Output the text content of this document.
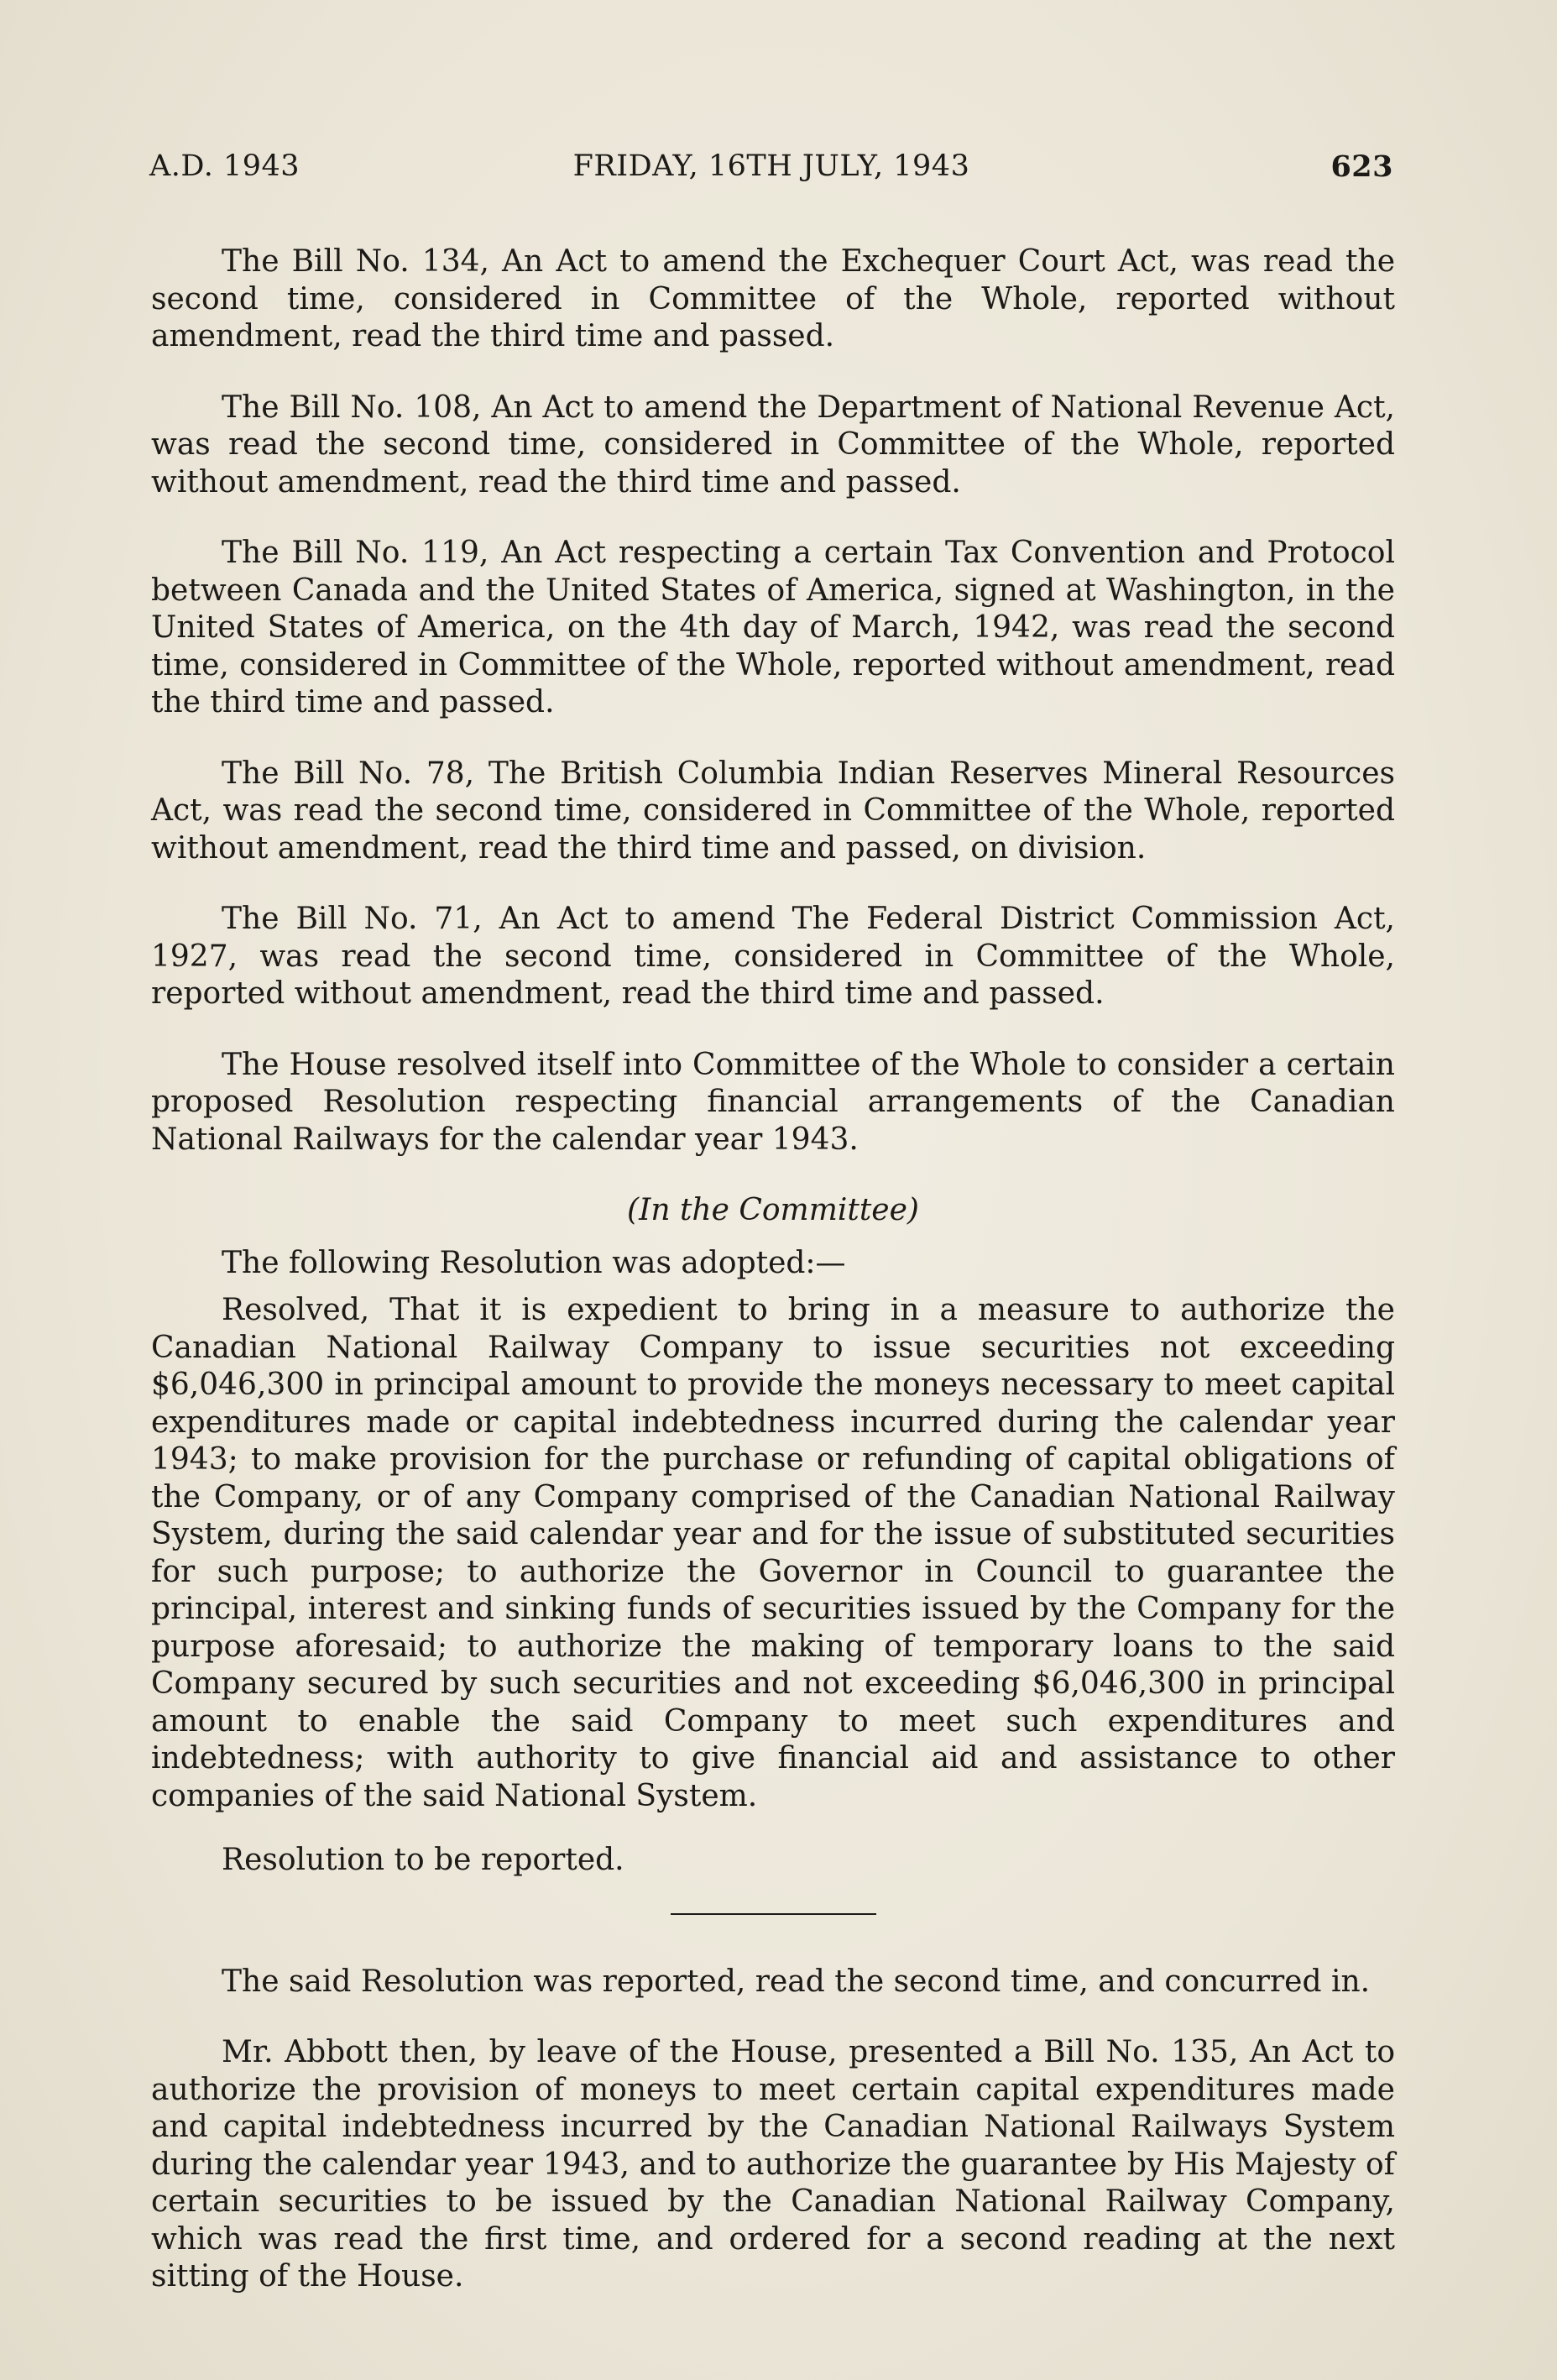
A.D. 1943	FRIDAY, 16TH JULY, 1943	623

The Bill No. 134, An Act to amend the Exchequer Court Act, was read the second time, considered in Committee of the Whole, reported without amendment, read the third time and passed.

The Bill No. 108, An Act to amend the Department of National Revenue Act, was read the second time, considered in Committee of the Whole, reported without amendment, read the third time and passed.

The Bill No. 119, An Act respecting a certain Tax Convention and Protocol between Canada and the United States of America, signed at Washington, in the United States of America, on the 4th day of March, 1942, was read the second time, considered in Committee of the Whole, reported without amendment, read the third time and passed.

The Bill No. 78, The British Columbia Indian Reserves Mineral Resources Act, was read the second time, considered in Committee of the Whole, reported without amendment, read the third time and passed, on division.

The Bill No. 71, An Act to amend The Federal District Commission Act, 1927, was read the second time, considered in Committee of the Whole, reported without amendment, read the third time and passed.

The House resolved itself into Committee of the Whole to consider a certain proposed Resolution respecting financial arrangements of the Canadian National Railways for the calendar year 1943.

(In the Committee)

The following Resolution was adopted:—

Resolved, That it is expedient to bring in a measure to authorize the Canadian National Railway Company to issue securities not exceeding $6,046,300 in principal amount to provide the moneys necessary to meet capital expenditures made or capital indebtedness incurred during the calendar year 1943; to make provision for the purchase or refunding of capital obligations of the Company, or of any Company comprised of the Canadian National Railway System, during the said calendar year and for the issue of substituted securities for such purpose; to authorize the Governor in Council to guarantee the principal, interest and sinking funds of securities issued by the Company for the purpose aforesaid; to authorize the making of temporary loans to the said Company secured by such securities and not exceeding $6,046,300 in principal amount to enable the said Company to meet such expenditures and indebtedness; with authority to give financial aid and assistance to other companies of the said National System.

Resolution to be reported.

The said Resolution was reported, read the second time, and concurred in.

Mr. Abbott then, by leave of the House, presented a Bill No. 135, An Act to authorize the provision of moneys to meet certain capital expenditures made and capital indebtedness incurred by the Canadian National Railways System during the calendar year 1943, and to authorize the guarantee by His Majesty of certain securities to be issued by the Canadian National Railway Company, which was read the first time, and ordered for a second reading at the next sitting of the House.
